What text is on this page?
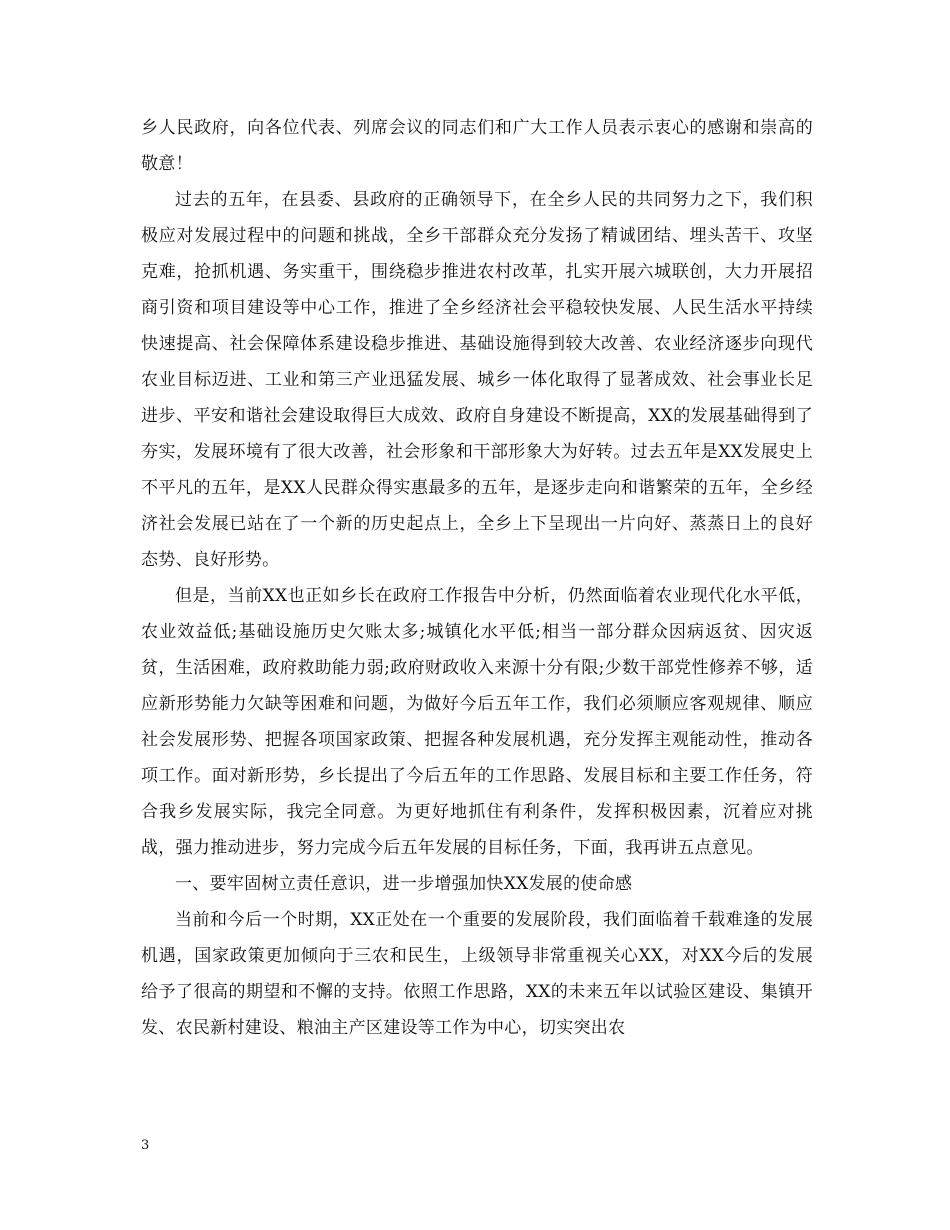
乡人民政府，向各位代表、列席会议的同志们和广大工作人员表示衷心的感谢和崇高的敬意！

过去的五年，在县委、县政府的正确领导下，在全乡人民的共同努力之下，我们积极应对发展过程中的问题和挑战，全乡干部群众充分发扬了精诚团结、埋头苦干、攻坚克难，抢抓机遇、务实重干，围绕稳步推进农村改革，扎实开展六城联创，大力开展招商引资和项目建设等中心工作，推进了全乡经济社会平稳较快发展、人民生活水平持续快速提高、社会保障体系建设稳步推进、基础设施得到较大改善、农业经济逐步向现代农业目标迈进、工业和第三产业迅猛发展、城乡一体化取得了显著成效、社会事业长足进步、平安和谐社会建设取得巨大成效、政府自身建设不断提高，XX的发展基础得到了夯实，发展环境有了很大改善，社会形象和干部形象大为好转。过去五年是XX发展史上不平凡的五年，是XX人民群众得实惠最多的五年，是逐步走向和谐繁荣的五年，全乡经济社会发展已站在了一个新的历史起点上，全乡上下呈现出一片向好、蒸蒸日上的良好态势、良好形势。

但是，当前XX也正如乡长在政府工作报告中分析，仍然面临着农业现代化水平低，农业效益低;基础设施历史欠账太多;城镇化水平低;相当一部分群众因病返贫、因灾返贫，生活困难，政府救助能力弱;政府财政收入来源十分有限;少数干部党性修养不够，适应新形势能力欠缺等困难和问题，为做好今后五年工作，我们必须顺应客观规律、顺应社会发展形势、把握各项国家政策、把握各种发展机遇，充分发挥主观能动性，推动各项工作。面对新形势，乡长提出了今后五年的工作思路、发展目标和主要工作任务，符合我乡发展实际，我完全同意。为更好地抓住有利条件，发挥积极因素，沉着应对挑战，强力推动进步，努力完成今后五年发展的目标任务，下面，我再讲五点意见。

一、要牢固树立责任意识，进一步增强加快XX发展的使命感

当前和今后一个时期，XX正处在一个重要的发展阶段，我们面临着千载难逢的发展机遇，国家政策更加倾向于三农和民生，上级领导非常重视关心XX，对XX今后的发展给予了很高的期望和不懈的支持。依照工作思路，XX的未来五年以试验区建设、集镇开发、农民新村建设、粮油主产区建设等工作为中心，切实突出农

3
